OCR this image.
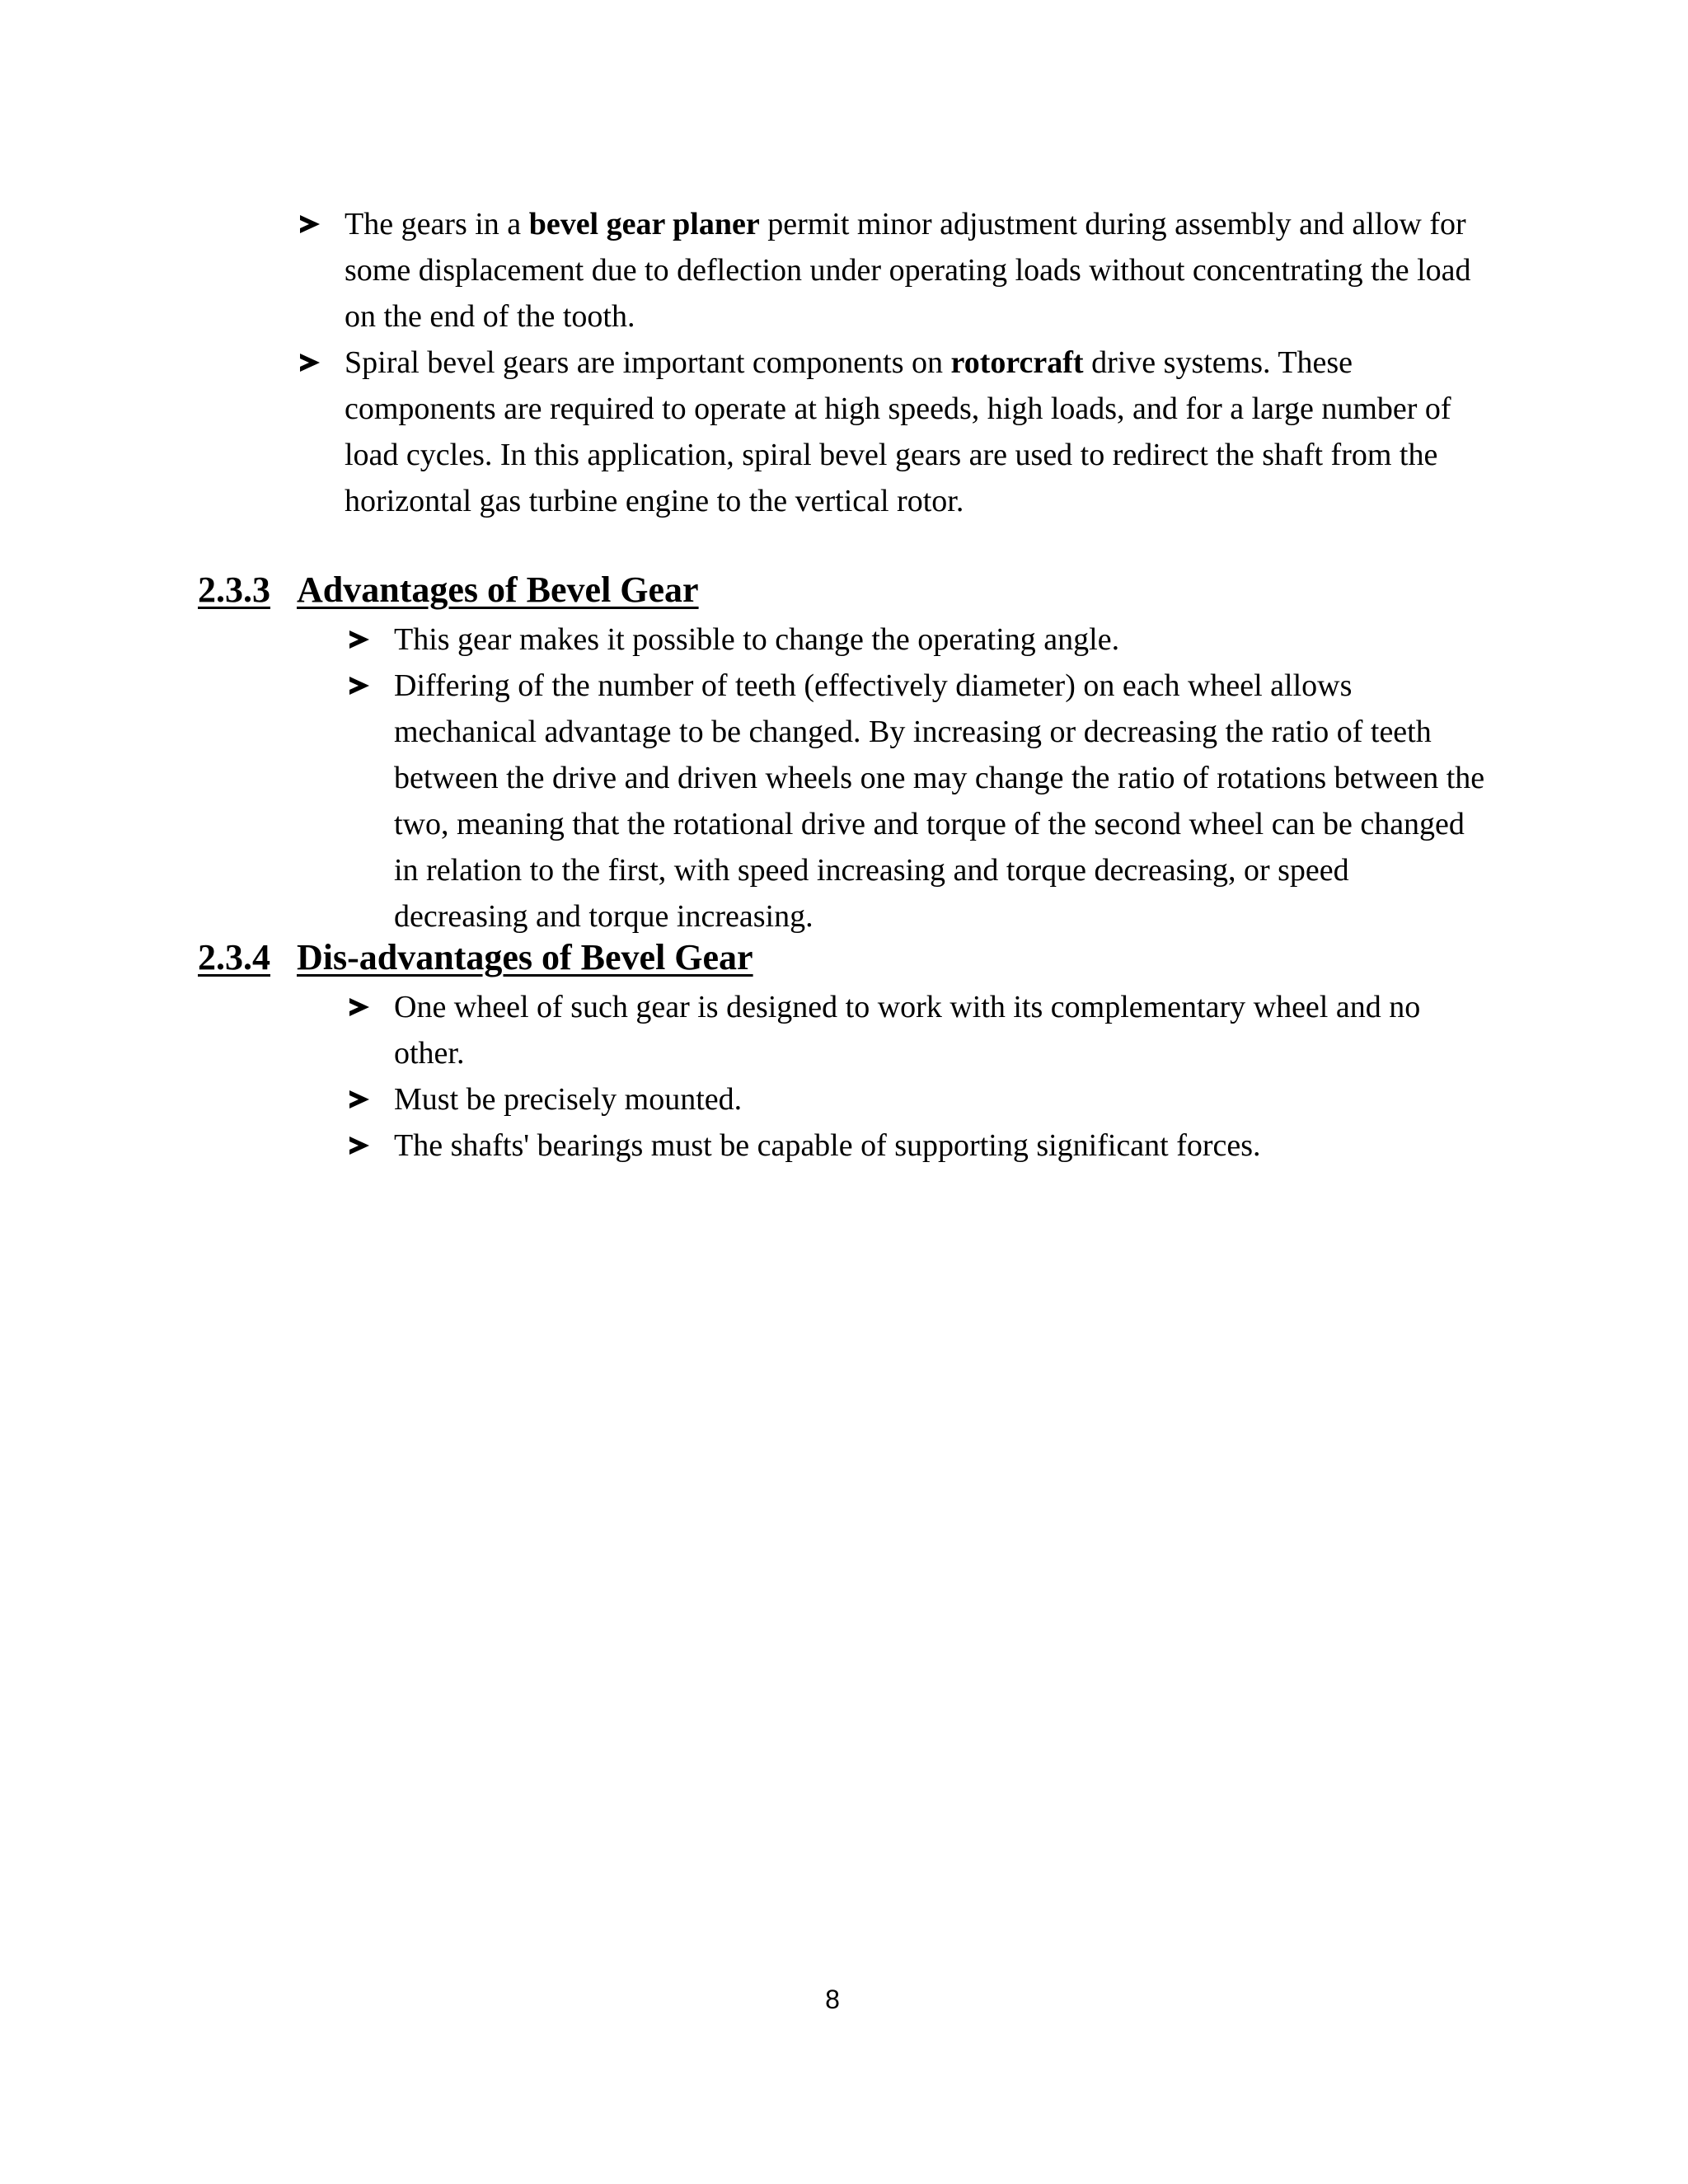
The gears in a bevel gear planer permit minor adjustment during assembly and allow for some displacement due to deflection under operating loads without concentrating the load on the end of the tooth.
Spiral bevel gears are important components on rotorcraft drive systems. These components are required to operate at high speeds, high loads, and for a large number of load cycles. In this application, spiral bevel gears are used to redirect the shaft from the horizontal gas turbine engine to the vertical rotor.
2.3.3 Advantages of Bevel Gear
This gear makes it possible to change the operating angle.
Differing of the number of teeth (effectively diameter) on each wheel allows mechanical advantage to be changed. By increasing or decreasing the ratio of teeth between the drive and driven wheels one may change the ratio of rotations between the two, meaning that the rotational drive and torque of the second wheel can be changed in relation to the first, with speed increasing and torque decreasing, or speed decreasing and torque increasing.
2.3.4 Dis-advantages of Bevel Gear
One wheel of such gear is designed to work with its complementary wheel and no other.
Must be precisely mounted.
The shafts' bearings must be capable of supporting significant forces.
8
